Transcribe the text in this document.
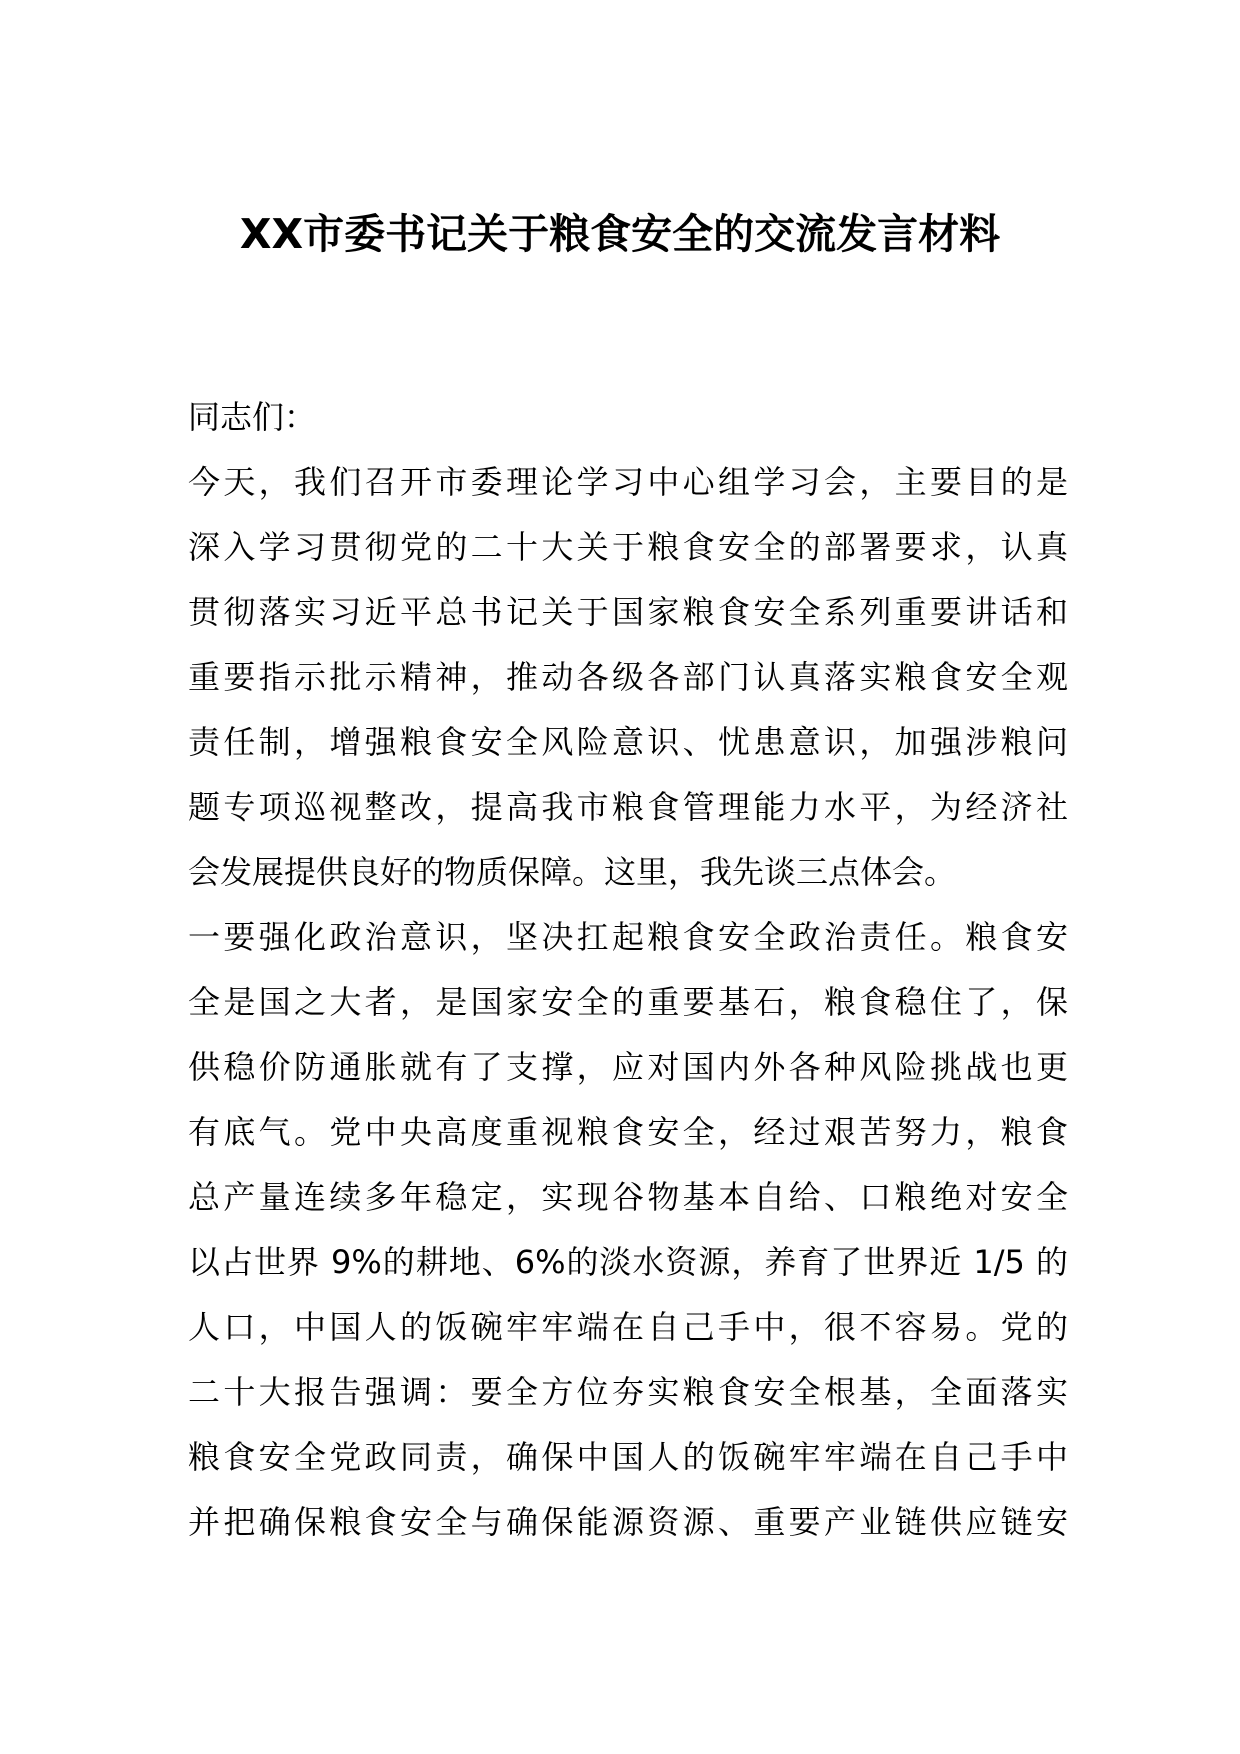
XX市委书记关于粮食安全的交流发言材料
同志们：
今天，我们召开市委理论学习中心组学习会，主要目的是
深入学习贯彻党的二十大关于粮食安全的部署要求，认真
贯彻落实习近平总书记关于国家粮食安全系列重要讲话和
重要指示批示精神，推动各级各部门认真落实粮食安全观
责任制，增强粮食安全风险意识、忧患意识，加强涉粮问
题专项巡视整改，提高我市粮食管理能力水平，为经济社
会发展提供良好的物质保障。这里，我先谈三点体会。
一要强化政治意识，坚决扛起粮食安全政治责任。粮食安
全是国之大者，是国家安全的重要基石，粮食稳住了，保
供稳价防通胀就有了支撑，应对国内外各种风险挑战也更
有底气。党中央高度重视粮食安全，经过艰苦努力，粮食
总产量连续多年稳定，实现谷物基本自给、口粮绝对安全
以占世界 9%的耕地、6%的淡水资源，养育了世界近 1/5 的
人口，中国人的饭碗牢牢端在自己手中，很不容易。党的
二十大报告强调：要全方位夯实粮食安全根基，全面落实
粮食安全党政同责，确保中国人的饭碗牢牢端在自己手中
并把确保粮食安全与确保能源资源、重要产业链供应链安
